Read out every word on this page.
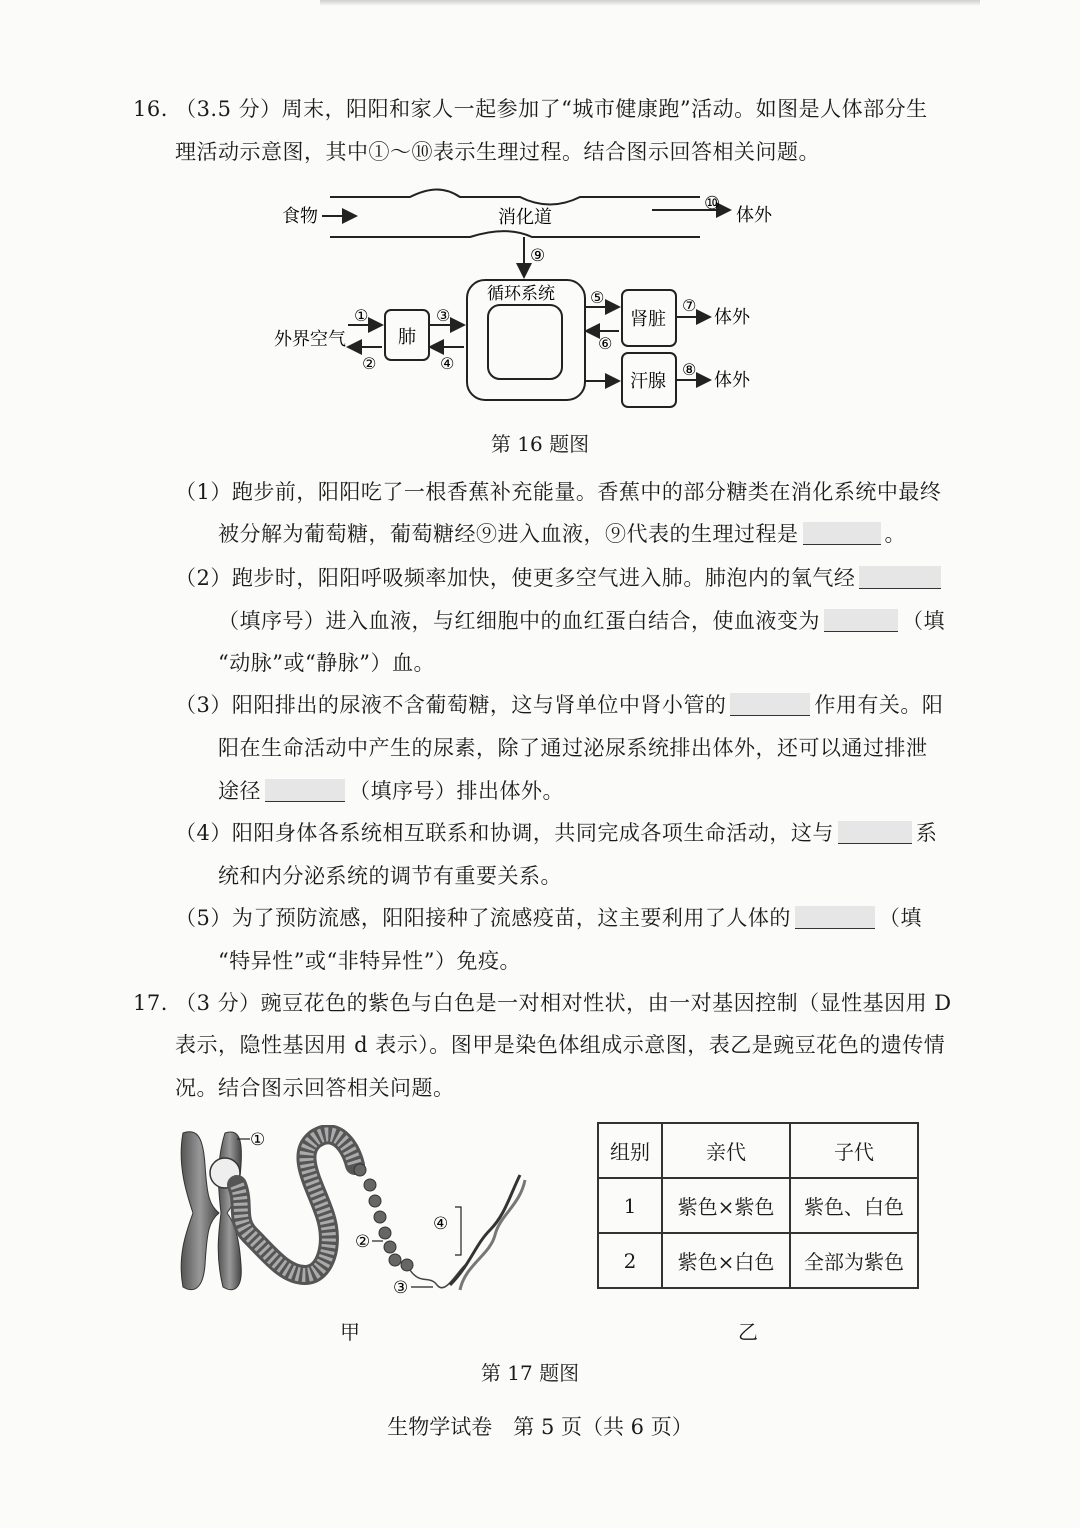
16. （3.5 分）周末，阳阳和家人一起参加了“城市健康跑”活动。如图是人体部分生
理活动示意图，其中①～⑩表示生理过程。结合图示回答相关问题。
食物	消化道
⑩
体外
⑨
循环系统
肺
外界空气
①
②
③
④
肾脏
⑤
⑥
⑦
体外
汗腺
⑧
体外
第 16 题图
（1）跑步前，阳阳吃了一根香蕉补充能量。香蕉中的部分糖类在消化系统中最终
被分解为葡萄糖，葡萄糖经⑨进入血液，⑨代表的生理过程是	。
（2）跑步时，阳阳呼吸频率加快，使更多空气进入肺。肺泡内的氧气经
（填序号）进入血液，与红细胞中的血红蛋白结合，使血液变为	（填
“动脉”或“静脉”）血。
（3）阳阳排出的尿液不含葡萄糖，这与肾单位中肾小管的	作用有关。阳
阳在生命活动中产生的尿素，除了通过泌尿系统排出体外，还可以通过排泄
途径	（填序号）排出体外。
（4）阳阳身体各系统相互联系和协调，共同完成各项生命活动，这与	系
统和内分泌系统的调节有重要关系。
（5）为了预防流感，阳阳接种了流感疫苗，这主要利用了人体的	（填
“特异性”或“非特异性”）免疫。
17. （3 分）豌豆花色的紫色与白色是一对相对性状，由一对基因控制（显性基因用 D
表示，隐性基因用 d 表示）。图甲是染色体组成示意图，表乙是豌豆花色的遗传情
况。结合图示回答相关问题。
①
②
③
④
组别	亲代	子代
1	紫色×紫色	紫色、白色
2	紫色×白色	全部为紫色
甲	乙
第 17 题图
生物学试卷　第 5 页（共 6 页）
